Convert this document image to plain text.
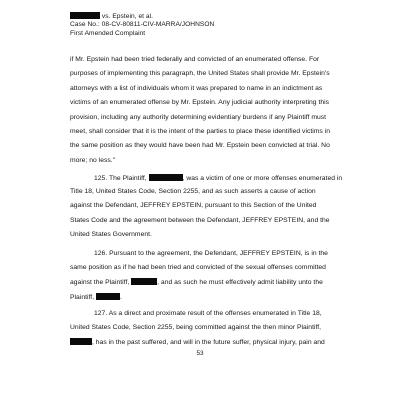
vs. Epstein, et al.
Case No.: 08-CV-80811-CIV-MARRA/JOHNSON
First Amended Complaint
if Mr. Epstein had been tried federally and convicted of an enumerated offense. For
purposes of implementing this paragraph, the United States shall provide Mr. Epstein's
attorneys with a list of individuals whom it was prepared to name in an indictment as
victims of an enumerated offense by Mr. Epstein. Any judicial authority interpreting this
provision, including any authority determining evidentiary burdens if any Plaintiff must
meet, shall consider that it is the intent of the parties to place these identified victims in
the same position as they would have been had Mr. Epstein been convicted at trial. No
more; no less."
125. The Plaintiff,	, was a victim of one or more offenses enumerated in
Title 18, United States Code, Section 2255, and as such asserts a cause of action
against the Defendant, JEFFREY EPSTEIN, pursuant to this Section of the United
States Code and the agreement between the Defendant, JEFFREY EPSTEIN, and the
United States Government.
126. Pursuant to the agreement, the Defendant, JEFFREY EPSTEIN, is in the
same position as if he had been tried and convicted of the sexual offenses committed
against the Plaintiff,	, and as such he must effectively admit liability unto the
53
Plaintiff,	.
127. As a direct and proximate result of the offenses enumerated in Title 18,
United States Code, Section 2255, being committed against the then minor Plaintiff,
, has in the past suffered, and will in the future suffer, physical injury, pain and
